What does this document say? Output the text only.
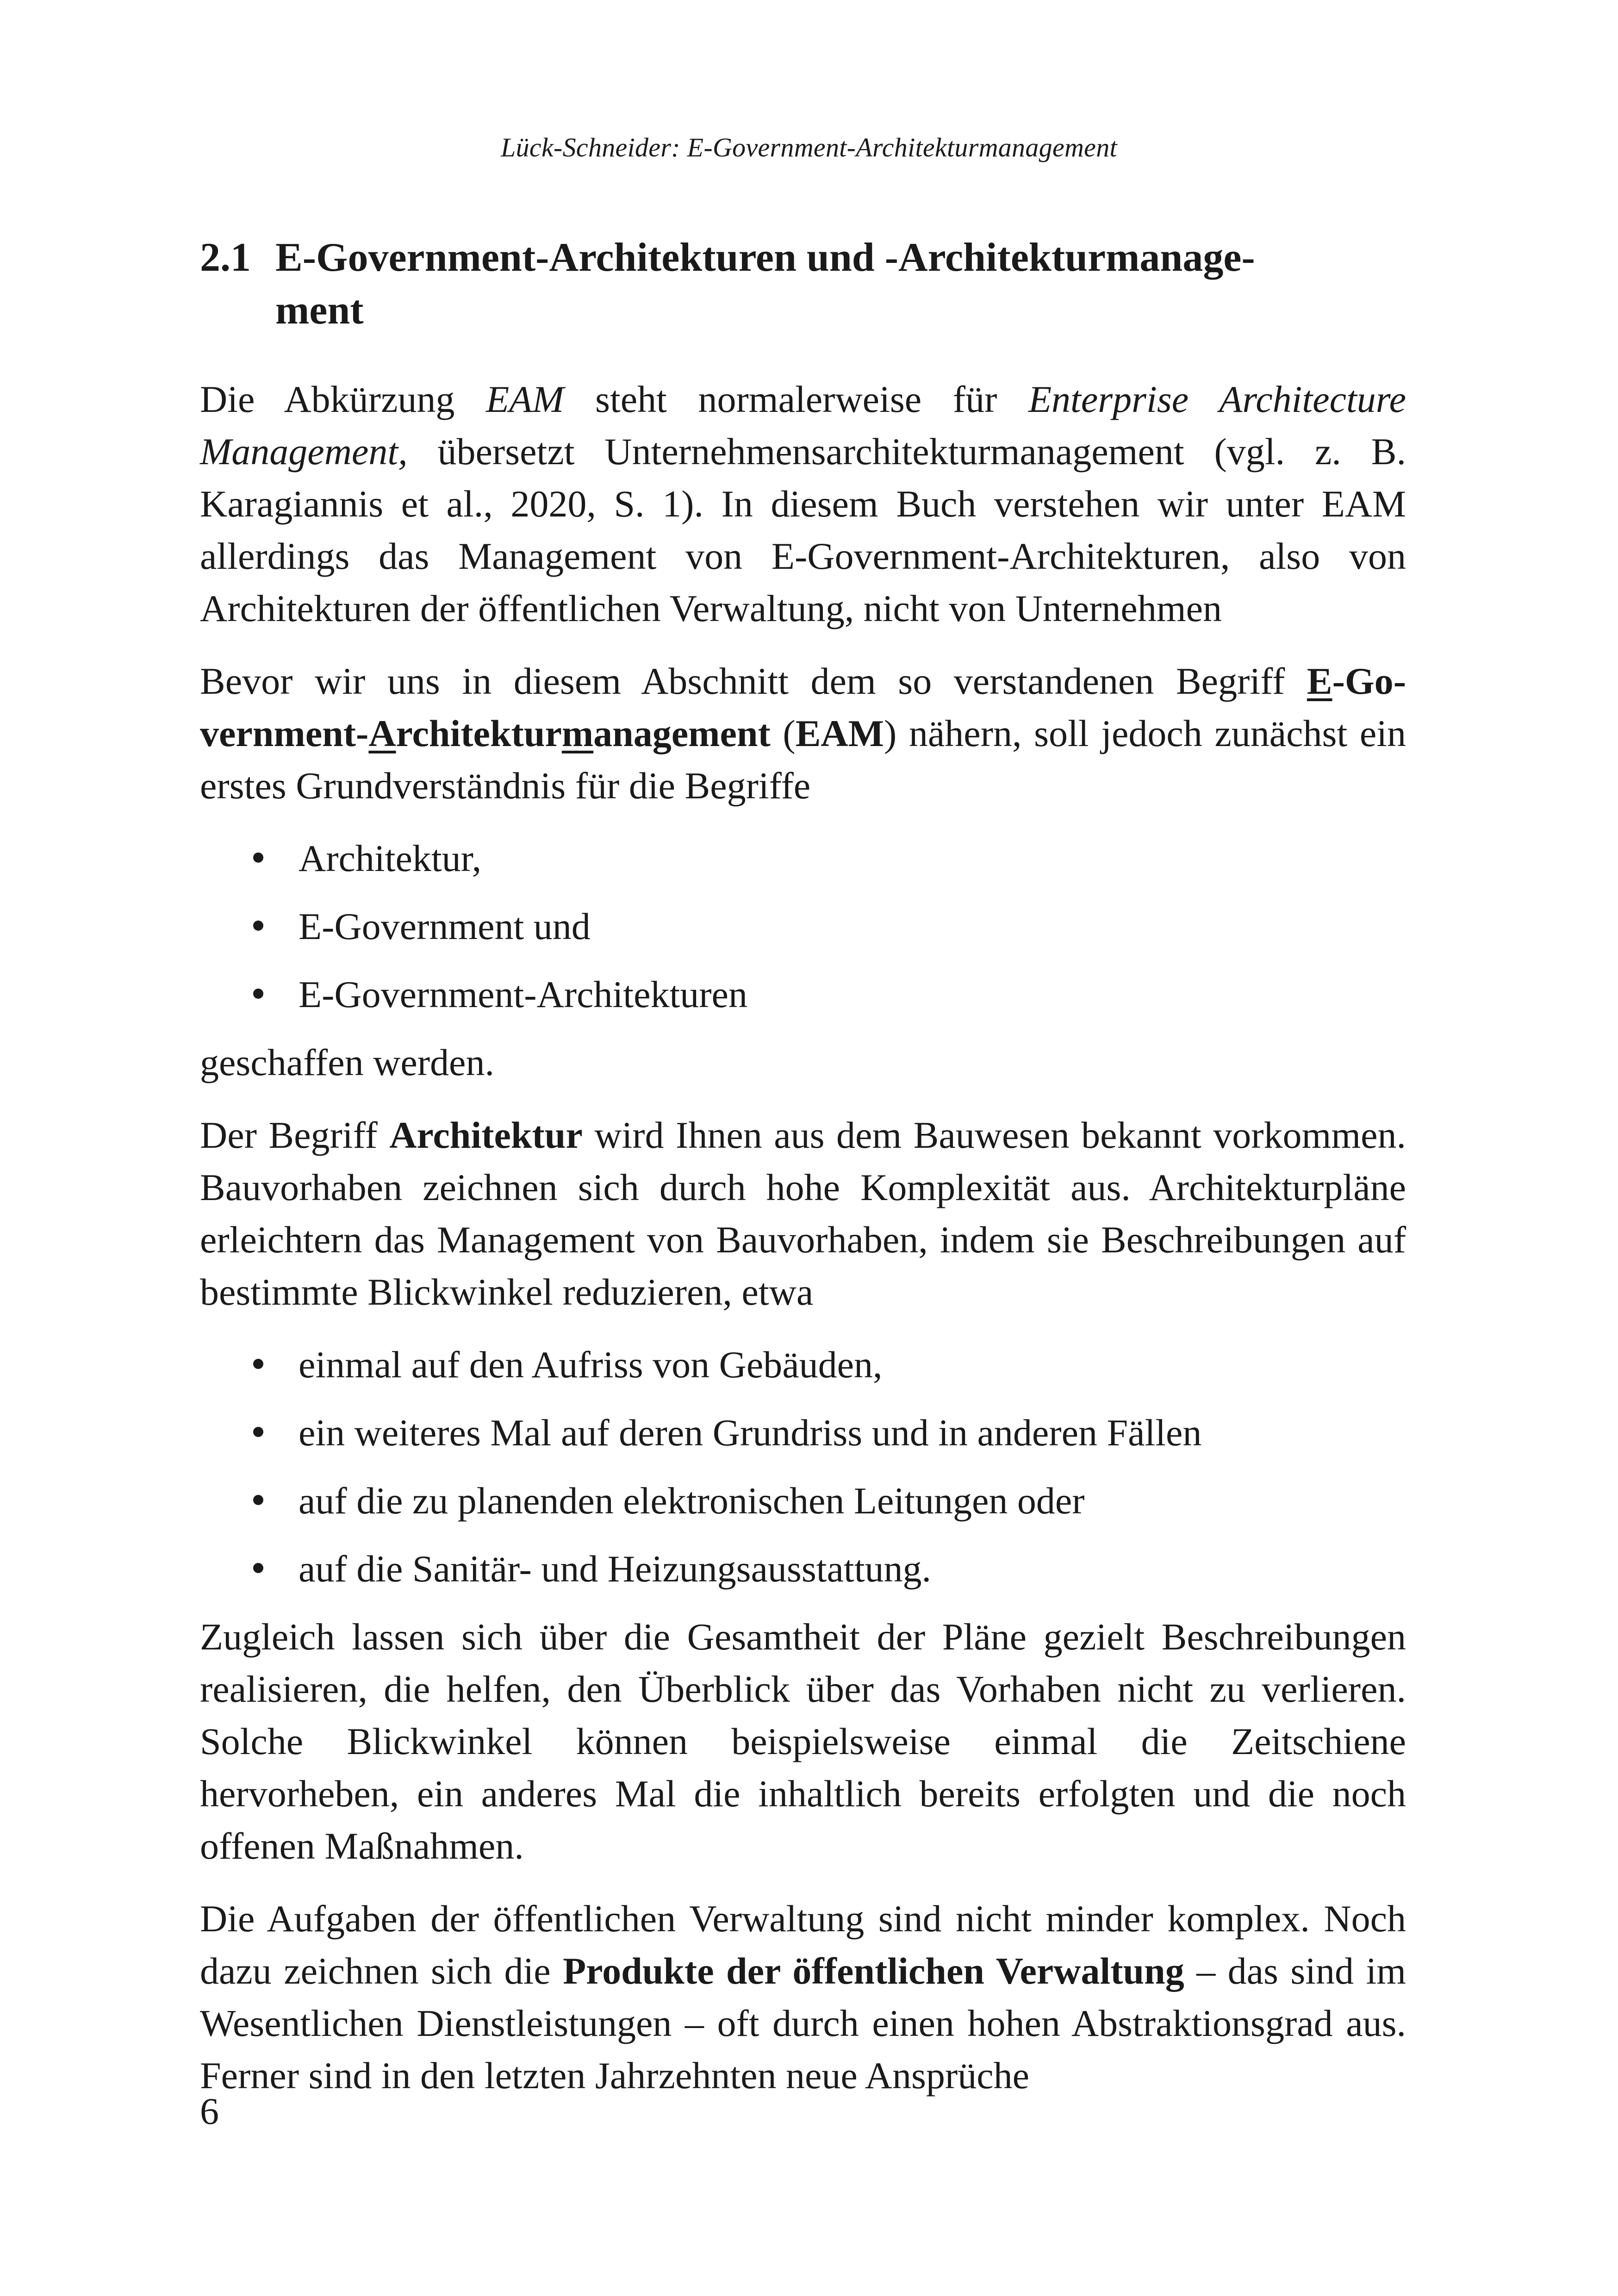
Lück-Schneider: E-Government-Architekturmanagement
2.1 E-Government-Architekturen und -Architekturmanage-
ment

Die Abkürzung EAM steht normalerweise für Enterprise Architecture Management, übersetzt Unternehmensarchitekturmanagement (vgl. z. B. Karagiannis et al., 2020, S. 1). In diesem Buch verstehen wir unter EAM allerdings das Management von E-Government-Architekturen, also von Architekturen der öffentlichen Verwaltung, nicht von Unternehmen

Bevor wir uns in diesem Abschnitt dem so verstandenen Begriff E-Government-Architekturmanagement (EAM) nähern, soll jedoch zunächst ein erstes Grundverständnis für die Begriffe

Architektur,
E-Government und
E-Government-Architekturen

geschaffen werden.

Der Begriff Architektur wird Ihnen aus dem Bauwesen bekannt vorkommen. Bauvorhaben zeichnen sich durch hohe Komplexität aus. Architekturpläne erleichtern das Management von Bauvorhaben, indem sie Beschreibungen auf bestimmte Blickwinkel reduzieren, etwa

einmal auf den Aufriss von Gebäuden,
ein weiteres Mal auf deren Grundriss und in anderen Fällen
auf die zu planenden elektronischen Leitungen oder
auf die Sanitär- und Heizungsausstattung.

Zugleich lassen sich über die Gesamtheit der Pläne gezielt Beschreibungen realisieren, die helfen, den Überblick über das Vorhaben nicht zu verlieren. Solche Blickwinkel können beispielsweise einmal die Zeitschiene hervorheben, ein anderes Mal die inhaltlich bereits erfolgten und die noch offenen Maßnahmen.

Die Aufgaben der öffentlichen Verwaltung sind nicht minder komplex. Noch dazu zeichnen sich die Produkte der öffentlichen Verwaltung – das sind im Wesentlichen Dienstleistungen – oft durch einen hohen Abstraktionsgrad aus. Ferner sind in den letzten Jahrzehnten neue Ansprüche

6
